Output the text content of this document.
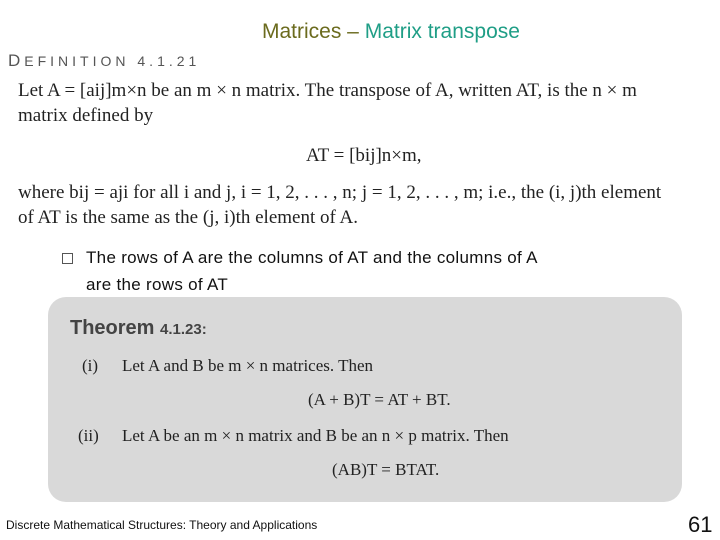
Matrices – Matrix transpose
DEFINITION 4.1.21
Let A = [aij]m×n be an m × n matrix. The transpose of A, written AT, is the n × m
matrix defined by
AT = [bij]n×m,
where bij = aji for all i and j, i = 1, 2, . . . , n; j = 1, 2, . . . , m; i.e., the (i, j)th element
of AT is the same as the (j, i)th element of A.
The rows of A are the columns of AT and the columns of A
are the rows of AT
Theorem 4.1.23:
(i) Let A and B be m × n matrices. Then
(A + B)T = AT + BT.
(ii) Let A be an m × n matrix and B be an n × p matrix. Then
(AB)T = BTAT.
Discrete Mathematical Structures: Theory and Applications	61
